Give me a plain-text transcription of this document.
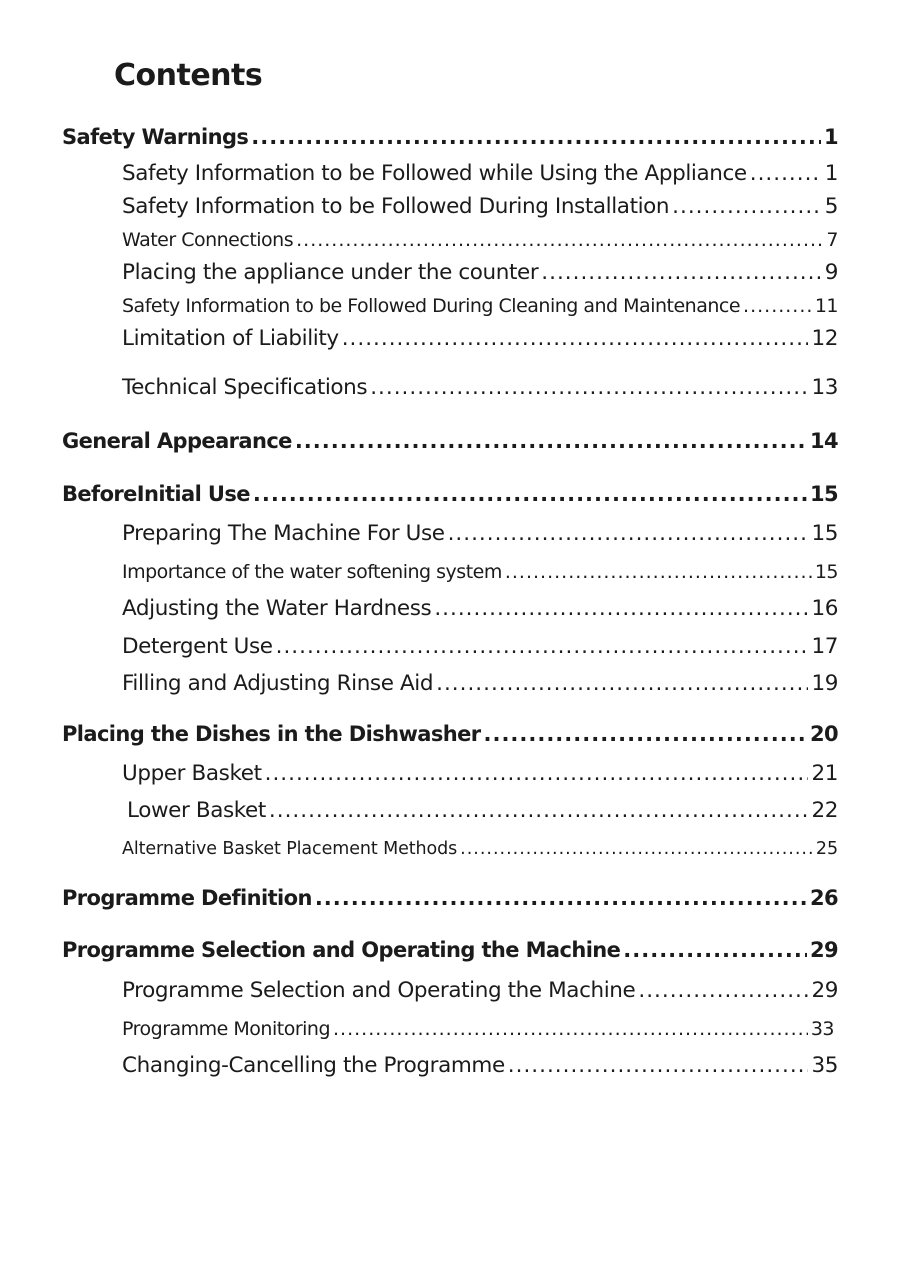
Contents
Safety Warnings .....	1
Safety Information to be Followed while Using the Appliance .....	1
Safety Information to be Followed During Installation .....	5
Water Connections .....	7
Placing the appliance under the counter .....	9
Safety Information to be Followed During Cleaning and Maintenance .....	11
Limitation of Liability .....	12
Technical Specifications .....	13
General Appearance .....	14
BeforeInitial Use .....	15
Preparing The Machine For Use .....	15
Importance of the water softening system .....	15
Adjusting the Water Hardness .....	16
Detergent Use .....	17
Filling and Adjusting Rinse Aid .....	19
Placing the Dishes in the Dishwasher .....	20
Upper Basket .....	21
Lower Basket .....	22
Alternative Basket Placement Methods .....	25
Programme Definition .....	26
Programme Selection and Operating the Machine .....	29
Programme Selection and Operating the Machine .....	29
Programme Monitoring .....	33
Changing-Cancelling the Programme .....	35
